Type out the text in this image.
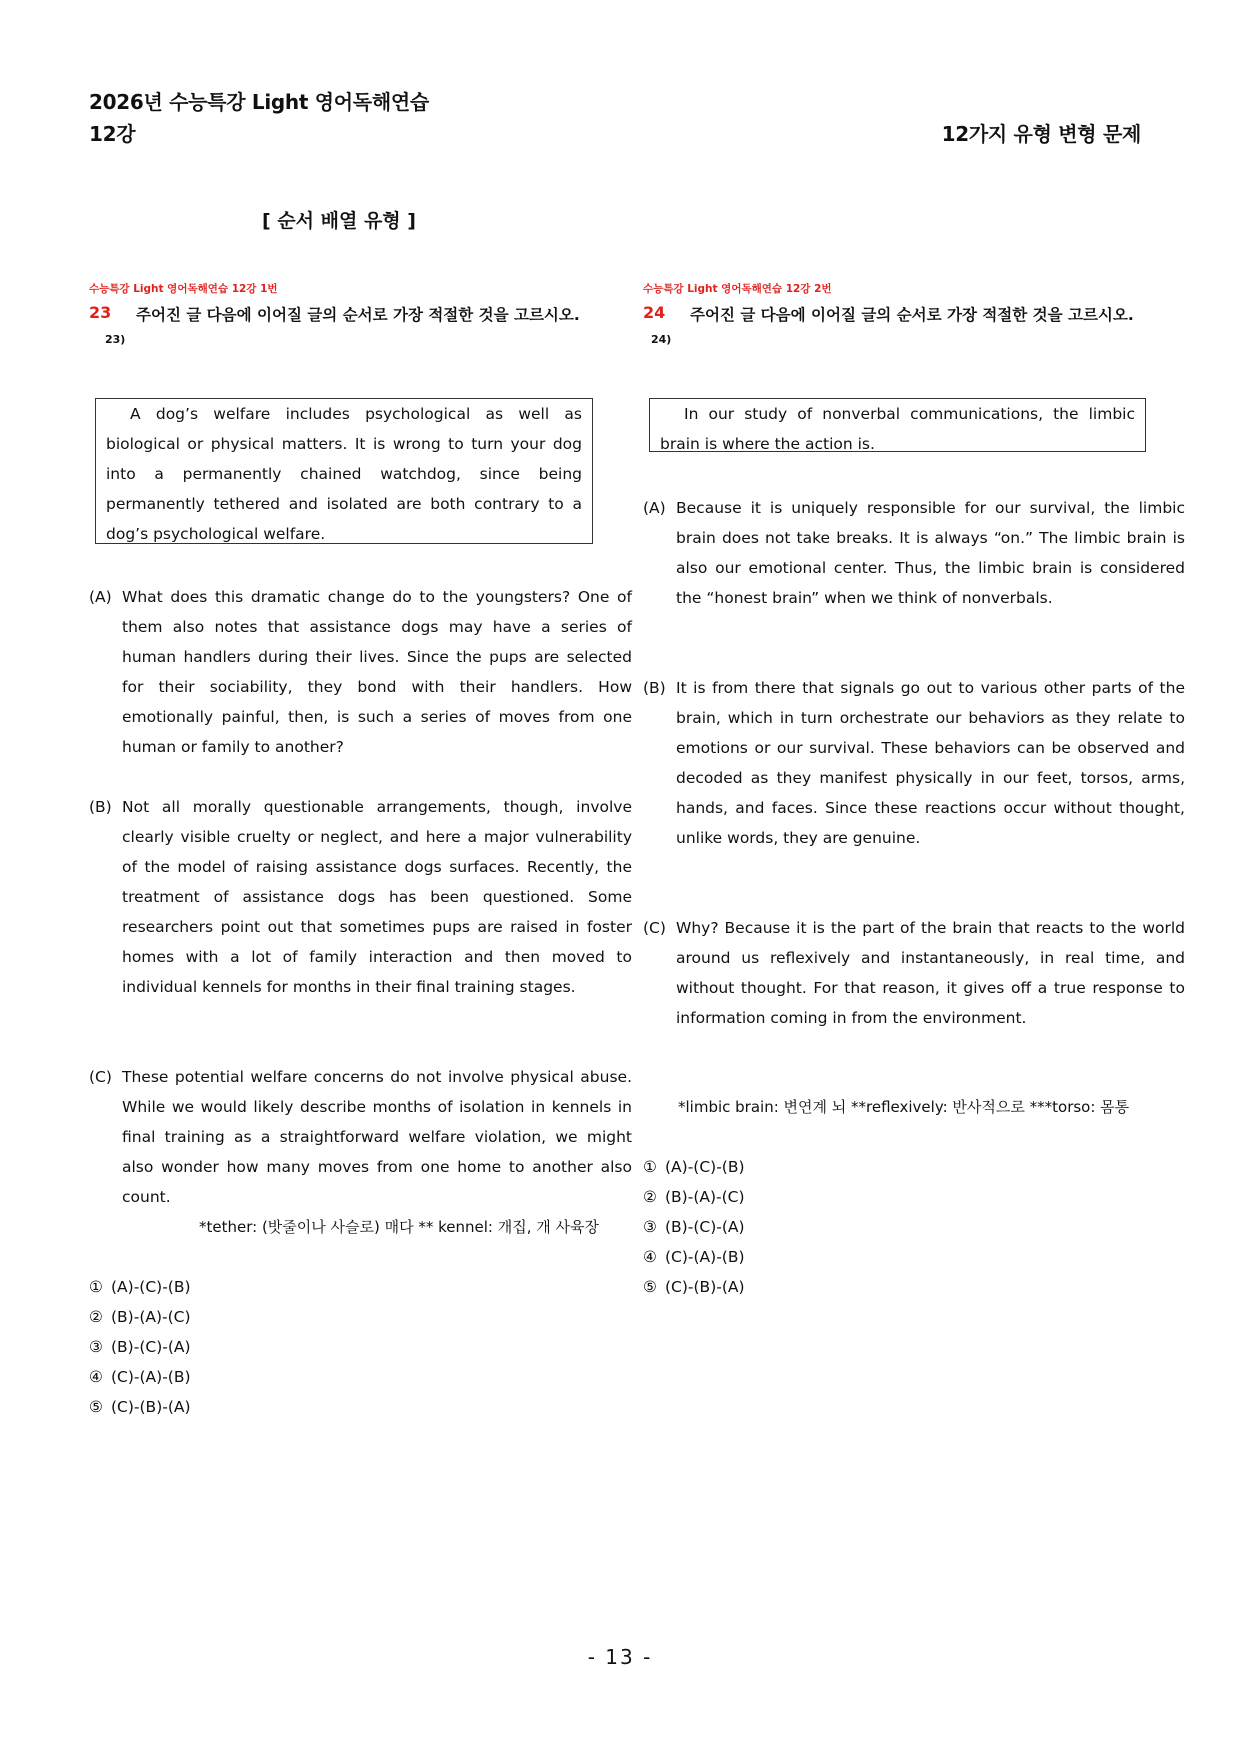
2026년 수능특강 Light 영어독해연습
12강	12가지 유형 변형 문제
[ 순서 배열 유형 ]
수능특강 Light 영어독해연습 12강 1번
23 주어진 글 다음에 이어질 글의 순서로 가장 적절한 것을 고르시오.
23)
A dog’s welfare includes psychological as well as biological or physical matters. It is wrong to turn your dog into a permanently chained watchdog, since being permanently tethered and isolated are both contrary to a dog’s psychological welfare.
(A) What does this dramatic change do to the youngsters? One of them also notes that assistance dogs may have a series of human handlers during their lives. Since the pups are selected for their sociability, they bond with their handlers. How emotionally painful, then, is such a series of moves from one human or family to another?
(B) Not all morally questionable arrangements, though, involve clearly visible cruelty or neglect, and here a major vulnerability of the model of raising assistance dogs surfaces. Recently, the treatment of assistance dogs has been questioned. Some researchers point out that sometimes pups are raised in foster homes with a lot of family interaction and then moved to individual kennels for months in their final training stages.
(C) These potential welfare concerns do not involve physical abuse. While we would likely describe months of isolation in kennels in final training as a straightforward welfare violation, we might also wonder how many moves from one home to another also count.
*tether: (밧줄이나 사슬로) 매다 ** kennel: 개집, 개 사육장
① (A)-(C)-(B)
② (B)-(A)-(C)
③ (B)-(C)-(A)
④ (C)-(A)-(B)
⑤ (C)-(B)-(A)
수능특강 Light 영어독해연습 12강 2번
24 주어진 글 다음에 이어질 글의 순서로 가장 적절한 것을 고르시오.
24)
In our study of nonverbal communications, the limbic brain is where the action is.
(A) Because it is uniquely responsible for our survival, the limbic brain does not take breaks. It is always “on.” The limbic brain is also our emotional center. Thus, the limbic brain is considered the “honest brain” when we think of nonverbals.
(B) It is from there that signals go out to various other parts of the brain, which in turn orchestrate our behaviors as they relate to emotions or our survival. These behaviors can be observed and decoded as they manifest physically in our feet, torsos, arms, hands, and faces. Since these reactions occur without thought, unlike words, they are genuine.
(C) Why? Because it is the part of the brain that reacts to the world around us reflexively and instantaneously, in real time, and without thought. For that reason, it gives off a true response to information coming in from the environment.
*limbic brain: 변연계 뇌 **reflexively: 반사적으로 ***torso: 몸통
① (A)-(C)-(B)
② (B)-(A)-(C)
③ (B)-(C)-(A)
④ (C)-(A)-(B)
⑤ (C)-(B)-(A)
- 13 -
